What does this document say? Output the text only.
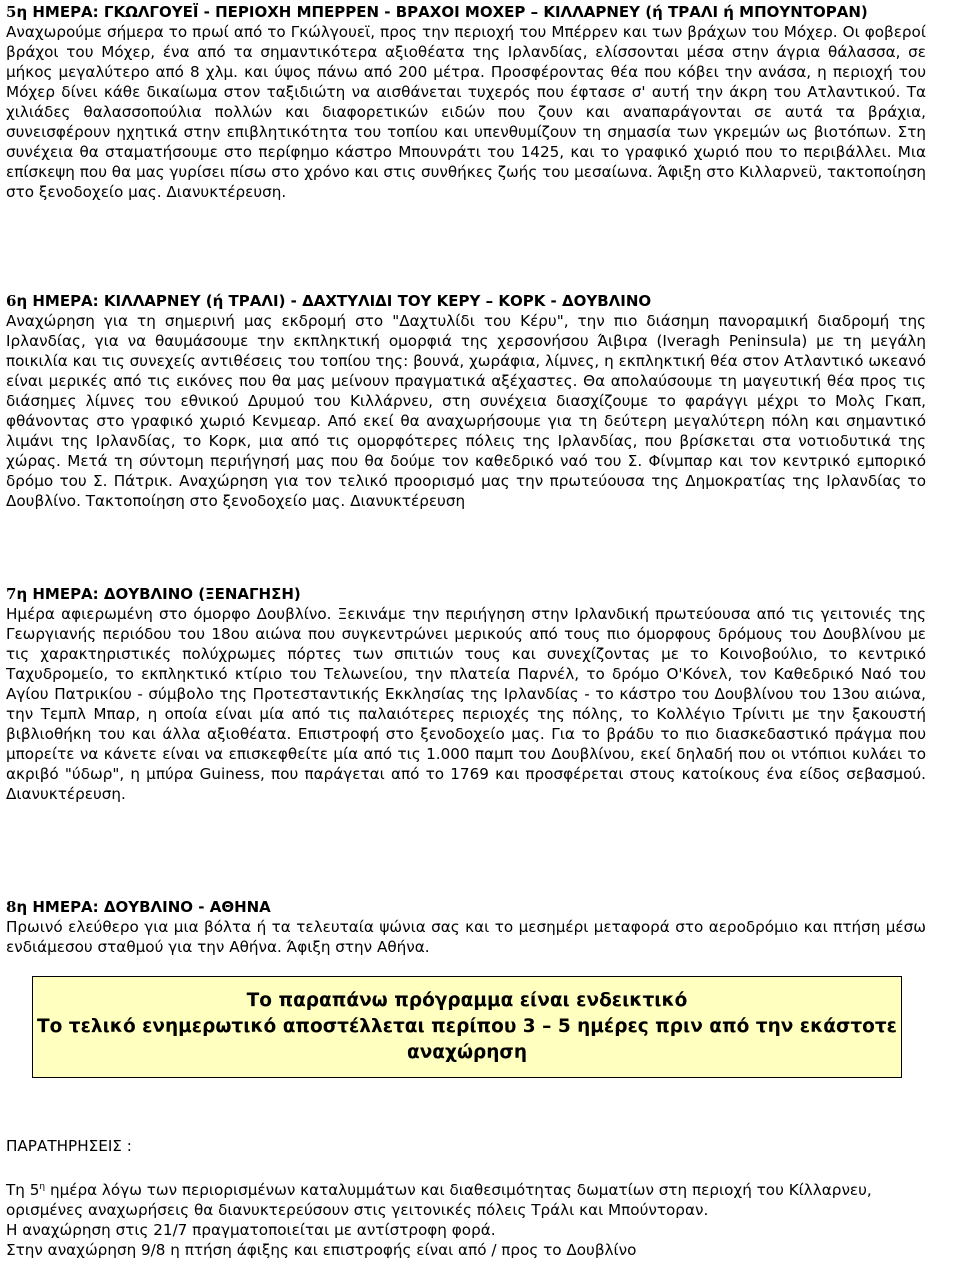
5η ΗΜΕΡΑ: ΓΚΩΛΓΟΥΕΪ - ΠΕΡΙΟΧΗ ΜΠΕΡΡΕΝ - ΒΡΑΧΟΙ ΜΟΧΕΡ – ΚΙΛΛΑΡΝΕΥ (ή ΤΡΑΛΙ ή ΜΠΟΥΝΤΟΡΑΝ)

Αναχωρούμε σήμερα το πρωί από το Γκώλγουεϊ, προς την περιοχή του Μπέρρεν και των βράχων του Μόχερ. Οι φοβεροί βράχοι του Μόχερ, ένα από τα σημαντικότερα αξιοθέατα της Ιρλανδίας, ελίσσονται μέσα στην άγρια θάλασσα, σε μήκος μεγαλύτερο από 8 χλμ. και ύψος πάνω από 200 μέτρα. Προσφέροντας θέα που κόβει την ανάσα, η περιοχή του Μόχερ δίνει κάθε δικαίωμα στον ταξιδιώτη να αισθάνεται τυχερός που έφτασε σ' αυτή την άκρη του Ατλαντικού. Τα χιλιάδες θαλασσοπούλια πολλών και διαφορετικών ειδών που ζουν και αναπαράγονται σε αυτά τα βράχια, συνεισφέρουν ηχητικά στην επιβλητικότητα του τοπίου και υπενθυμίζουν τη σημασία των γκρεμών ως βιοτόπων. Στη συνέχεια θα σταματήσουμε στο περίφημο κάστρο Μπουνράτι του 1425, και το γραφικό χωριό που το περιβάλλει. Μια επίσκεψη που θα μας γυρίσει πίσω στο χρόνο και στις συνθήκες ζωής του μεσαίωνα. Άφιξη στο Κιλλαρνεϋ, τακτοποίηση στο ξενοδοχείο μας. Διανυκτέρευση.

6η ΗΜΕΡΑ: ΚΙΛΛΑΡΝΕΥ (ή ΤΡΑΛΙ) - ΔΑΧΤΥΛΙΔΙ ΤΟΥ ΚΕΡΥ – ΚΟΡΚ - ΔΟΥΒΛΙΝΟ

Αναχώρηση για τη σημερινή μας εκδρομή στο "Δαχτυλίδι του Κέρυ", την πιο διάσημη πανοραμική διαδρομή της Ιρλανδίας, για να θαυμάσουμε την εκπληκτική ομορφιά της χερσονήσου Άιβιρα (Iveragh Peninsula) με τη μεγάλη ποικιλία και τις συνεχείς αντιθέσεις του τοπίου της: βουνά, χωράφια, λίμνες, η εκπληκτική θέα στον Ατλαντικό ωκεανό είναι μερικές από τις εικόνες που θα μας μείνουν πραγματικά αξέχαστες. Θα απολαύσουμε τη μαγευτική θέα προς τις διάσημες λίμνες του εθνικού Δρυμού του Κιλλάρνευ, στη συνέχεια διασχίζουμε το φαράγγι μέχρι το Μολς Γκαπ, φθάνοντας στο γραφικό χωριό Κενμεαρ. Από εκεί θα αναχωρήσουμε για τη δεύτερη μεγαλύτερη πόλη και σημαντικό λιμάνι της Ιρλανδίας, το Κορκ, μια από τις ομορφότερες πόλεις της Ιρλανδίας, που βρίσκεται στα νοτιοδυτικά της χώρας. Μετά τη σύντομη περιήγησή μας που θα δούμε τον καθεδρικό ναό του Σ. Φίνμπαρ και τον κεντρικό εμπορικό δρόμο του Σ. Πάτρικ. Αναχώρηση για τον τελικό προορισμό μας την πρωτεύουσα της Δημοκρατίας της Ιρλανδίας το Δουβλίνο. Τακτοποίηση στο ξενοδοχείο μας. Διανυκτέρευση

7η ΗΜΕΡΑ: ΔΟΥΒΛΙΝΟ (ΞΕΝΑΓΗΣΗ)

Ημέρα αφιερωμένη στο όμορφο Δουβλίνο. Ξεκινάμε την περιήγηση στην Ιρλανδική πρωτεύουσα από τις γειτονιές της Γεωργιανής περιόδου του 18ου αιώνα που συγκεντρώνει μερικούς από τους πιο όμορφους δρόμους του Δουβλίνου με τις χαρακτηριστικές πολύχρωμες πόρτες των σπιτιών τους και συνεχίζοντας με το Κοινοβούλιο, το κεντρικό Ταχυδρομείο, το εκπληκτικό κτίριο του Τελωνείου, την πλατεία Παρνέλ, το δρόμο Ο'Κόνελ, τον Καθεδρικό Ναό του Αγίου Πατρικίου - σύμβολο της Προτεσταντικής Εκκλησίας της Ιρλανδίας - το κάστρο του Δουβλίνου του 13ου αιώνα, την Τεμπλ Μπαρ, η οποία είναι μία από τις παλαιότερες περιοχές της πόλης, το Κολλέγιο Τρίνιτι με την ξακουστή βιβλιοθήκη του και άλλα αξιοθέατα. Επιστροφή στο ξενοδοχείο μας. Για το βράδυ το πιο διασκεδαστικό πράγμα που μπορείτε να κάνετε είναι να επισκεφθείτε μία από τις 1.000 παμπ του Δουβλίνου, εκεί δηλαδή που οι ντόπιοι κυλάει το ακριβό "ύδωρ", η μπύρα Guiness, που παράγεται από το 1769 και προσφέρεται στους κατοίκους ένα είδος σεβασμού. Διανυκτέρευση.

8η ΗΜΕΡΑ: ΔΟΥΒΛΙΝΟ - ΑΘΗΝΑ

Πρωινό ελεύθερο για μια βόλτα ή τα τελευταία ψώνια σας και το μεσημέρι μεταφορά στο αεροδρόμιο και πτήση μέσω ενδιάμεσου σταθμού για την Αθήνα. Άφιξη στην Αθήνα.

Το παραπάνω πρόγραμμα είναι ενδεικτικό
Το τελικό ενημερωτικό αποστέλλεται περίπου 3 – 5 ημέρες πριν από την εκάστοτε αναχώρηση

ΠΑΡΑΤΗΡΗΣΕΙΣ :

Τη $5^\eta$ ημέρα λόγω των περιορισμένων καταλυμμάτων και διαθεσιμότητας δωματίων στη περιοχή του Κίλλαρνευ, ορισμένες αναχωρήσεις θα διανυκτερεύσουν στις γειτονικές πόλεις Τράλι και Μπούντοραν.

Η αναχώρηση στις 21/7 πραγματοποιείται με αντίστροφη φορά.

Στην αναχώρηση 9/8 η πτήση άφιξης και επιστροφής είναι από / προς το Δουβλίνο
